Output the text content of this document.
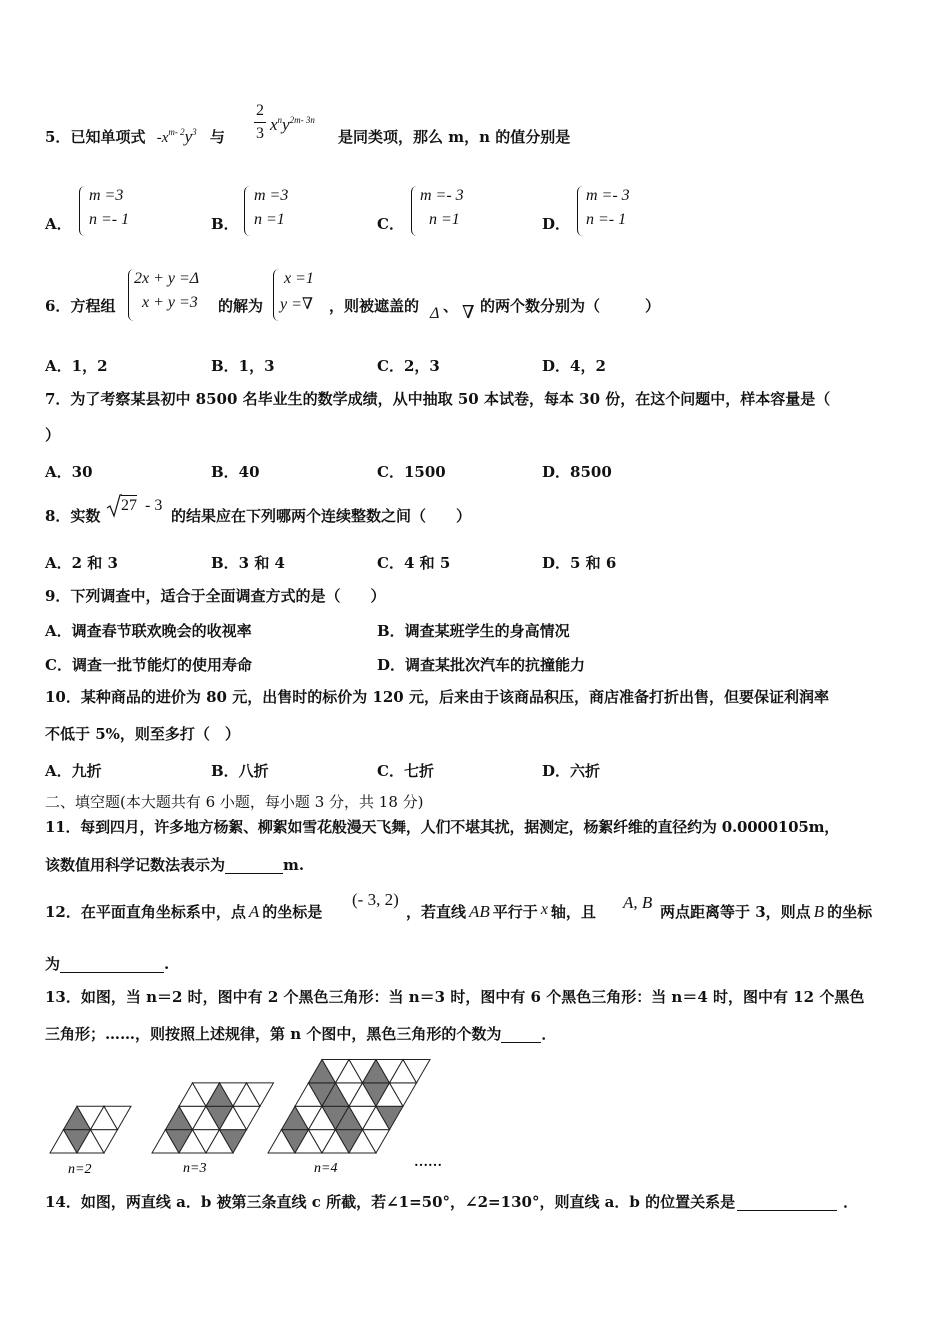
5．已知单项式 $-x^{m- 2}y^3$ 与
2
3 $x^ny^{2m- 3n}$
是同类项，那么 m，n 的值分别是
A．
m =3
n =- 1	B．
m =3
n =1	C．
m =- 3
n =1	D．
m =- 3
n =- 1
6．方程组
2x + y =Δ
x + y =3 的解为
x =1
y =∇ ，则被遮盖的 Δ 、 ∇ 的两个数分别为（　　　）
A．1，2	B．1，3	C．2，3	D．4，2
7．为了考察某县初中 8500 名毕业生的数学成绩，从中抽取 50 本试卷，每本 30 份，在这个问题中，样本容量是（
）
A．30	B．40	C．1500	D．8500
8．实数
27 - 3
的结果应在下列哪两个连续整数之间（　　）
A．2 和 3	B．3 和 4	C．4 和 5	D．5 和 6
9．下列调查中，适合于全面调查方式的是（　　）
A．调查春节联欢晚会的收视率	B．调查某班学生的身高情况
C．调查一批节能灯的使用寿命	D．调查某批次汽车的抗撞能力
10．某种商品的进价为 80 元，出售时的标价为 120 元，后来由于该商品积压，商店准备打折出售，但要保证利润率
不低于 5%，则至多打（　）
A．九折	B．八折	C．七折	D．六折
二、填空题(本大题共有 6 小题，每小题 3 分，共 18 分)
11．每到四月，许多地方杨絮、柳絮如雪花般漫天飞舞，人们不堪其扰，据测定，杨絮纤维的直径约为 0.0000105m，
该数值用科学记数法表示为	m.
12．在平面直角坐标系中，点 A 的坐标是
(- 3, 2)
，若直线 AB 平行于 x 轴，且 A, B 两点距离等于 3，则点 B 的坐标
为	.
13．如图，当 n＝2 时，图中有 2 个黑色三角形：当 n＝3 时，图中有 6 个黑色三角形：当 n＝4 时，图中有 12 个黑色
三角形；……，则按照上述规律，第 n 个图中，黑色三角形的个数为	．
n=2	n=3	n=4	……
14．如图，两直线 a．b 被第三条直线 c 所截，若∠1=50°，∠2=130°，则直线 a．b 的位置关系是	．
